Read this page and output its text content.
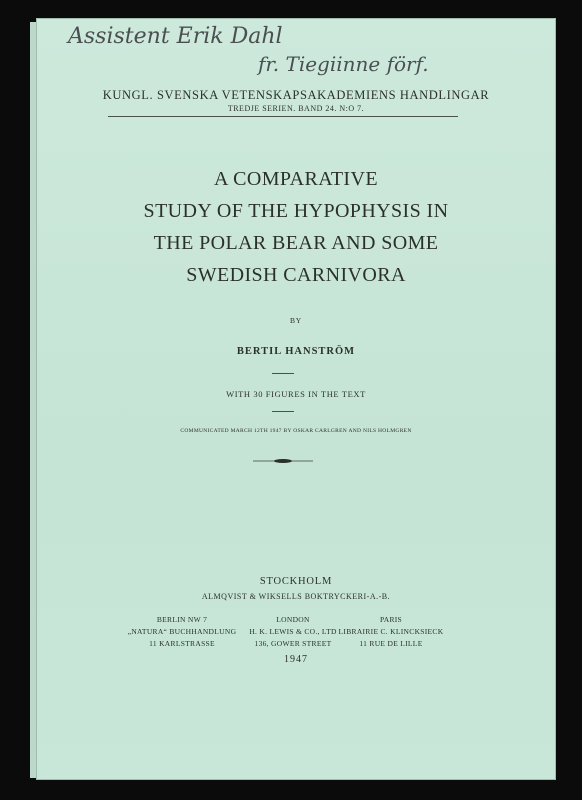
Assistent Erik Dahl
fr. Tiegiinne förf.
KUNGL. SVENSKA VETENSKAPSAKADEMIENS HANDLINGAR
TREDJE SERIEN. BAND 24. N:O 7.
A COMPARATIVE
STUDY OF THE HYPOPHYSIS IN
THE POLAR BEAR AND SOME
SWEDISH CARNIVORA
BY
BERTIL HANSTRÖM
WITH 30 FIGURES IN THE TEXT
COMMUNICATED MARCH 12TH 1947 BY OSKAR CARLGREN AND NILS HOLMGREN
STOCKHOLM
ALMQVIST & WIKSELLS BOKTRYCKERI-A.-B.
BERLIN NW 7
„NATURA“ BUCHHANDLUNG
11 KARLSTRASSE
LONDON
H. K. LEWIS & CO., LTD
136, GOWER STREET
PARIS
LIBRAIRIE C. KLINCKSIECK
11 RUE DE LILLE
1947
